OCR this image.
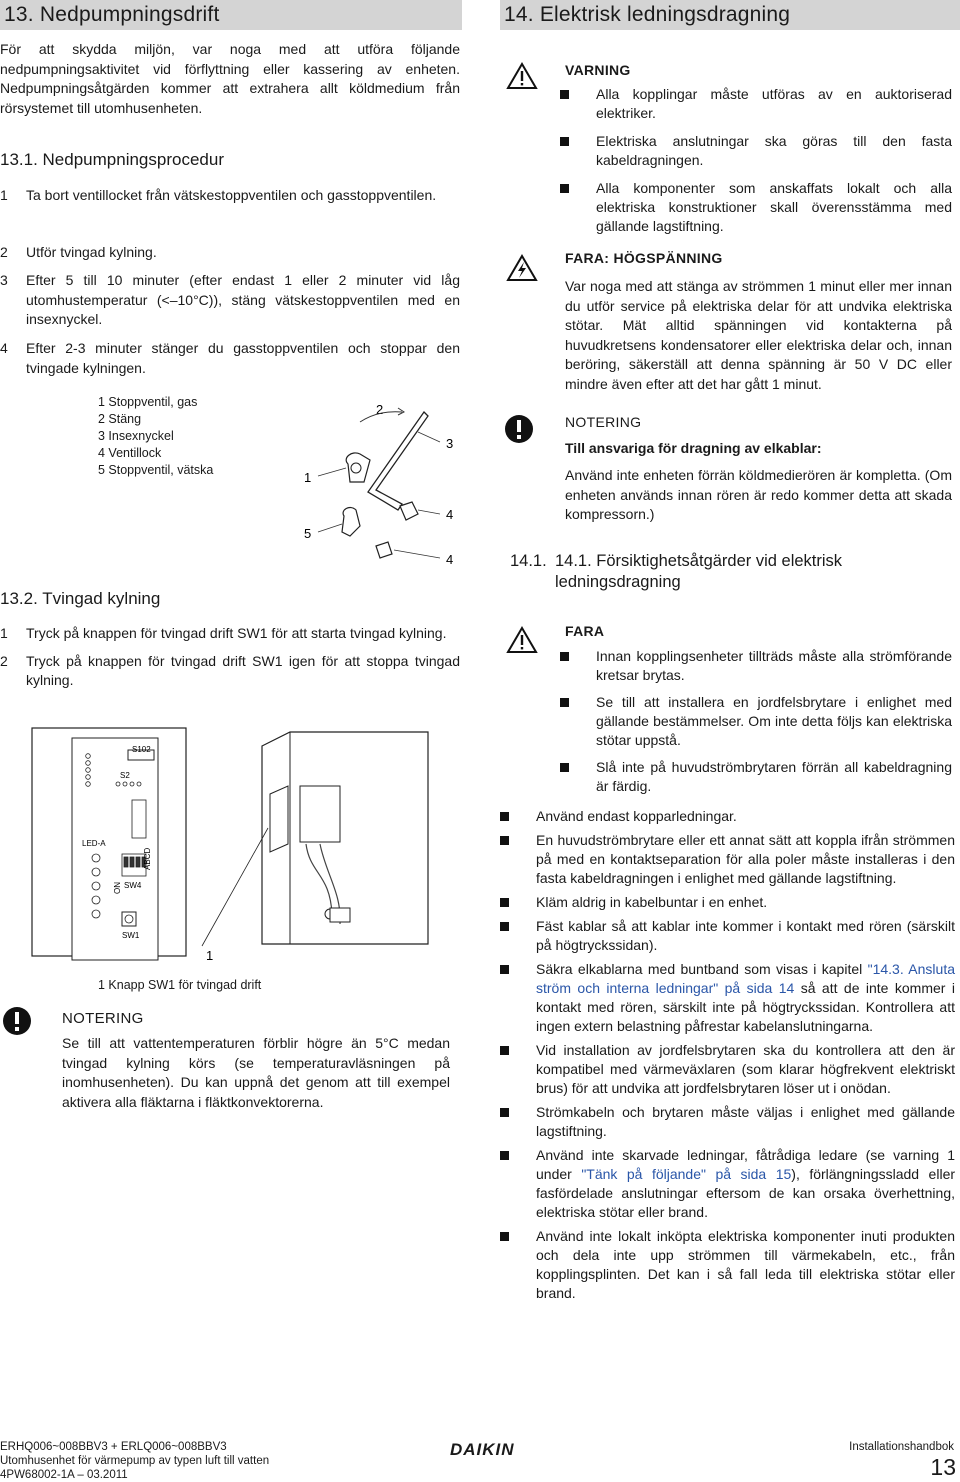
13. Nedpumpningsdrift
För att skydda miljön, var noga med att utföra följande nedpumpningsaktivitet vid förflyttning eller kassering av enheten. Nedpumpningsåtgärden kommer att extrahera allt köldmedium från rörsystemet till utomhusenheten.
13.1. Nedpumpningsprocedur
1	Ta bort ventillocket från vätskestoppventilen och gasstoppventilen.
2	Utför tvingad kylning.
3	Efter 5 till 10 minuter (efter endast 1 eller 2 minuter vid låg utomhustemperatur (<–10°C)), stäng vätskestoppventilen med en insexnyckel.
4	Efter 2-3 minuter stänger du gasstoppventilen och stoppar den tvingade kylningen.
1 Stoppventil, gas
2 Stäng
3 Insexnyckel
4 Ventillock
5 Stoppventil, vätska
2
3
1
4
5
4
13.2. Tvingad kylning
1	Tryck på knappen för tvingad drift SW1 för att starta tvingad kylning.
2	Tryck på knappen för tvingad drift SW1 igen för att stoppa tvingad kylning.
S102
S2
LED-A
ABCD
ON SW4
SW1
1
1 Knapp SW1 för tvingad drift
NOTERING
Se till att vattentemperaturen förblir högre än 5°C medan tvingad kylning körs (se temperaturavläsningen på inomhusenheten). Du kan uppnå det genom att till exempel aktivera alla fläktarna i fläktkonvektorerna.
14. Elektrisk ledningsdragning
VARNING
Alla kopplingar måste utföras av en auktoriserad elektriker.
Elektriska anslutningar ska göras till den fasta kabeldragningen.
Alla komponenter som anskaffats lokalt och alla elektriska konstruktioner skall överensstämma med gällande lagstiftning.
FARA: HÖGSPÄNNING
Var noga med att stänga av strömmen 1 minut eller mer innan du utför service på elektriska delar för att undvika elektriska stötar. Mät alltid spänningen vid kontakterna på huvudkretsens kondensatorer eller elektriska delar och, innan beröring, säkerställ att denna spänning är 50 V DC eller mindre även efter att det har gått 1 minut.
NOTERING
Till ansvariga för dragning av elkablar:
Använd inte enheten förrän köldmedierören är kompletta. (Om enheten används innan rören är redo kommer detta att skada kompressorn.)
14.1. 14.1. Försiktighetsåtgärder vid elektrisk ledningsdragning
FARA
Innan kopplingsenheter tillträds måste alla strömförande kretsar brytas.
Se till att installera en jordfelsbrytare i enlighet med gällande bestämmelser. Om inte detta följs kan elektriska stötar uppstå.
Slå inte på huvudströmbrytaren förrän all kabeldragning är färdig.
Använd endast kopparledningar.
En huvudströmbrytare eller ett annat sätt att koppla ifrån strömmen på med en kontaktseparation för alla poler måste installeras i den fasta kabeldragningen i enlighet med gällande lagstiftning.
Kläm aldrig in kabelbuntar i en enhet.
Fäst kablar så att kablar inte kommer i kontakt med rören (särskilt på högtryckssidan).
Säkra elkablarna med buntband som visas i kapitel "14.3. Ansluta ström och interna ledningar" på sida 14 så att de inte kommer i kontakt med rören, särskilt inte på högtryckssidan. Kontrollera att ingen extern belastning påfrestar kabelanslutningarna.
Vid installation av jordfelsbrytaren ska du kontrollera att den är kompatibel med värmeväxlaren (som klarar högfrekvent elektriskt brus) för att undvika att jordfelsbrytaren löser ut i onödan.
Strömkabeln och brytaren måste väljas i enlighet med gällande lagstiftning.
Använd inte skarvade ledningar, fåtrådiga ledare (se varning 1 under "Tänk på följande" på sida 15), förlängningssladd eller fasfördelade anslutningar eftersom de kan orsaka överhettning, elektriska stötar eller brand.
Använd inte lokalt inköpta elektriska komponenter inuti produkten och dela inte upp strömmen till värmekabeln, etc., från kopplingsplinten. Det kan i så fall leda till elektriska stötar eller brand.
ERHQ006~008BBV3 + ERLQ006~008BBV3
Utomhusenhet för värmepump av typen luft till vatten
4PW68002-1A – 03.2011
DAIKIN	Installationshandbok
13
